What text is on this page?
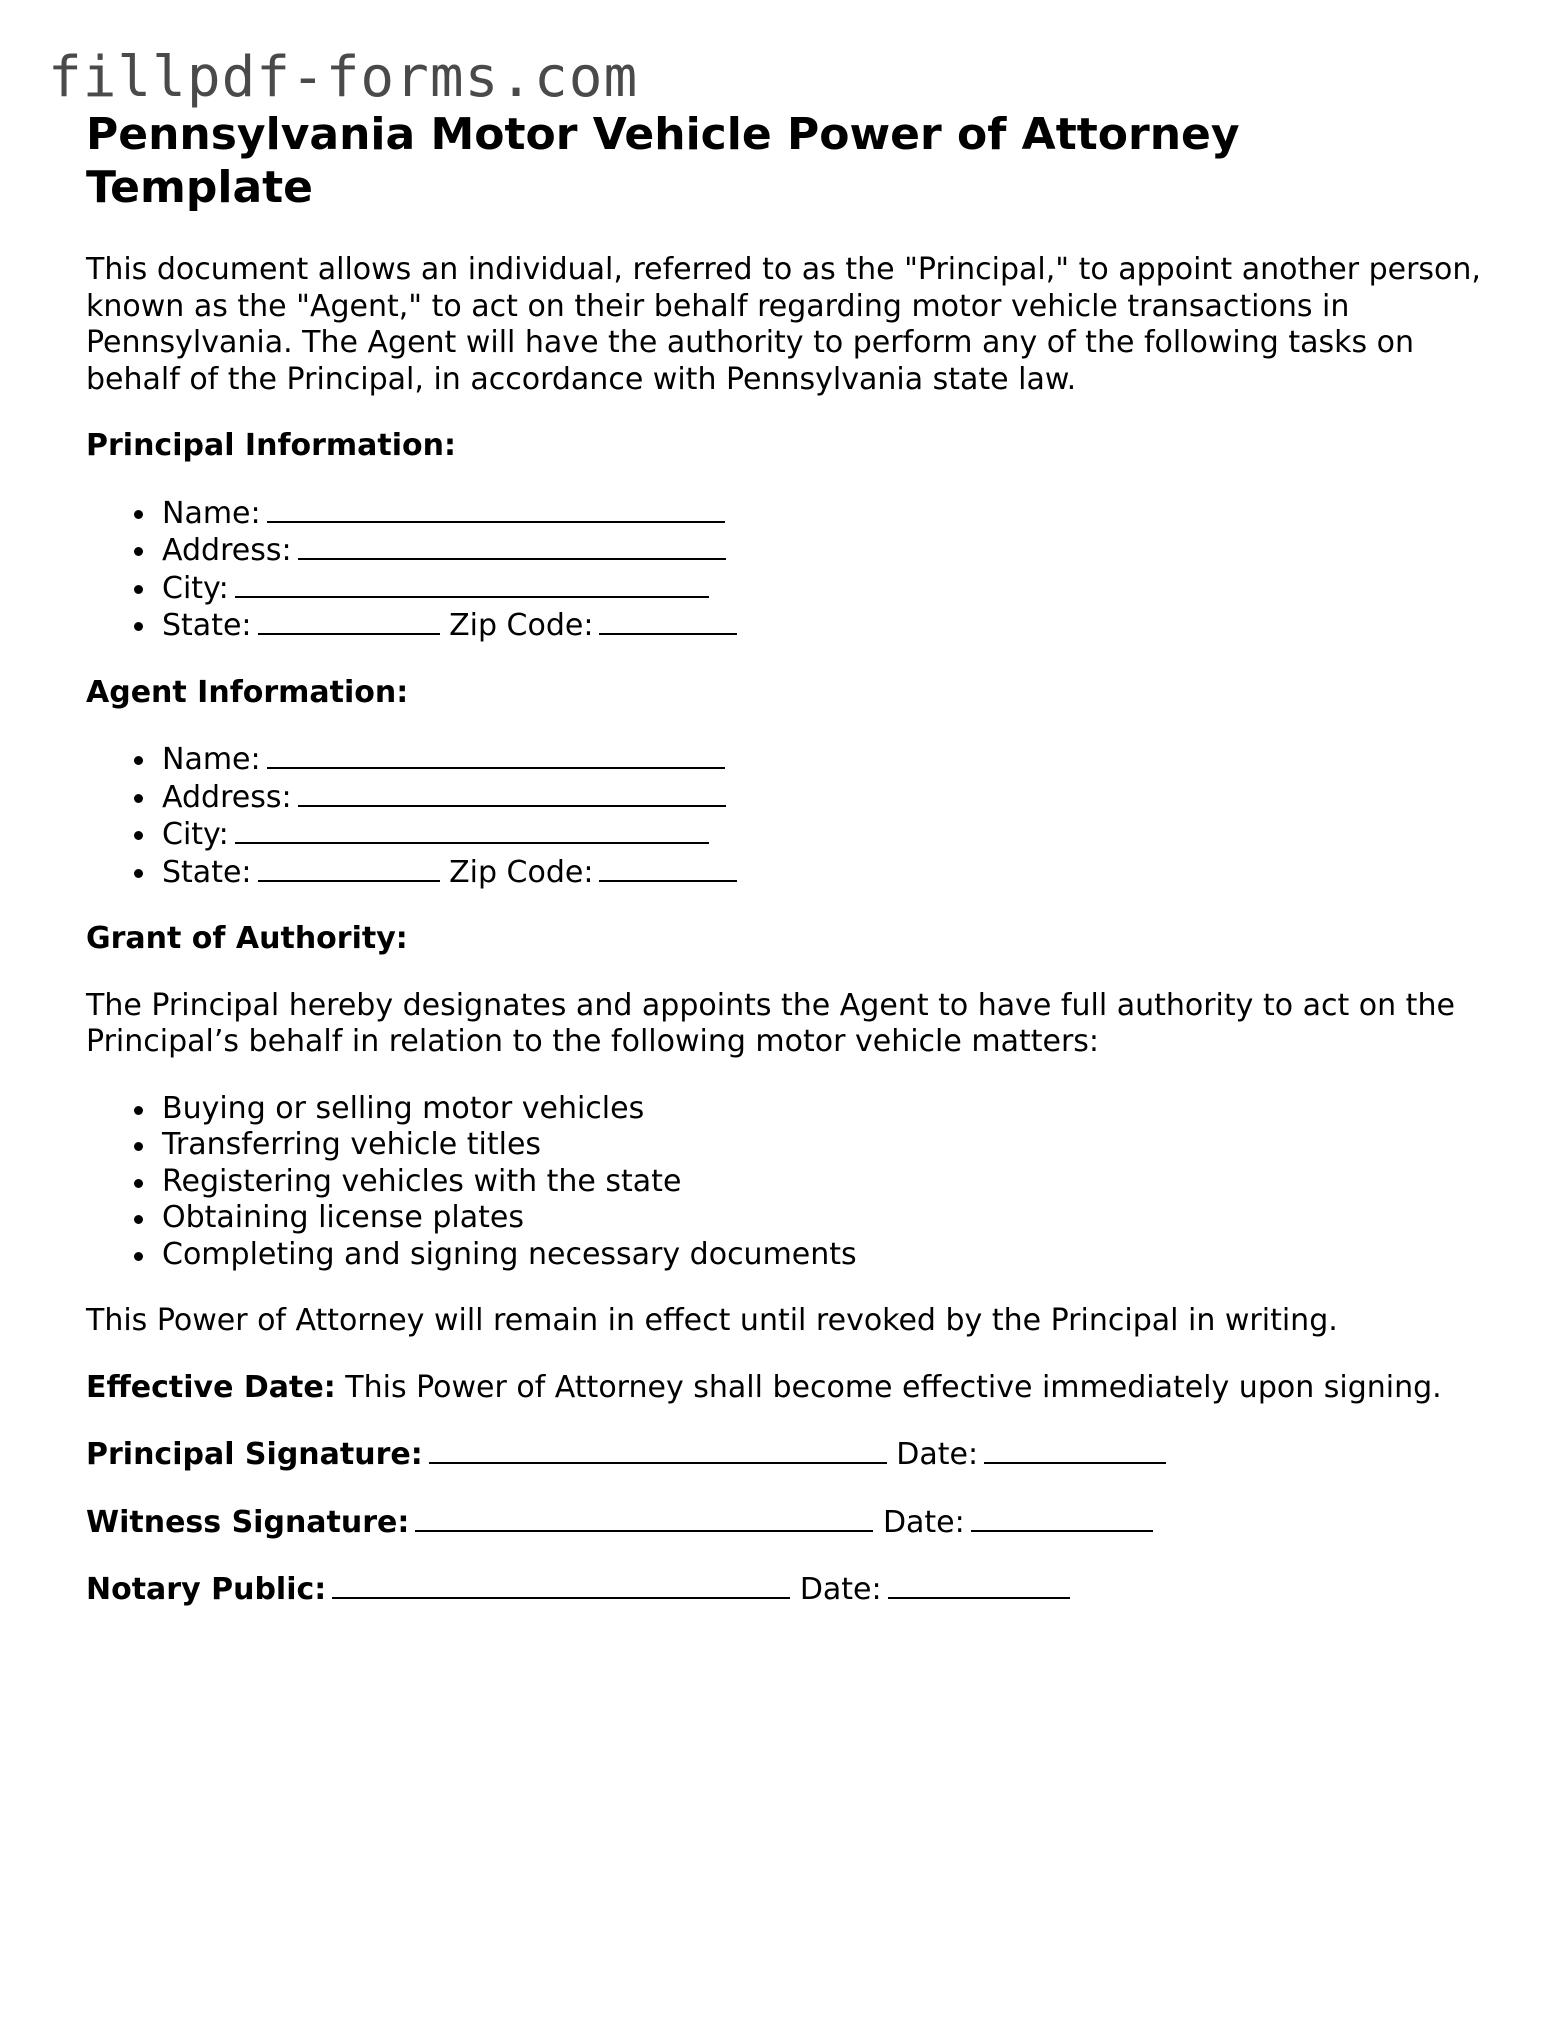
fillpdf-forms.com
Pennsylvania Motor Vehicle Power of Attorney Template

This document allows an individual, referred to as the "Principal," to appoint another person, known as the "Agent," to act on their behalf regarding motor vehicle transactions in Pennsylvania. The Agent will have the authority to perform any of the following tasks on behalf of the Principal, in accordance with Pennsylvania state law.

Principal Information:

Name:
Address:
City:
State:	Zip Code:

Agent Information:

Name:
Address:
City:
State:	Zip Code:

Grant of Authority:

The Principal hereby designates and appoints the Agent to have full authority to act on the Principal’s behalf in relation to the following motor vehicle matters:

Buying or selling motor vehicles
Transferring vehicle titles
Registering vehicles with the state
Obtaining license plates
Completing and signing necessary documents

This Power of Attorney will remain in effect until revoked by the Principal in writing.

Effective Date: This Power of Attorney shall become effective immediately upon signing.

Principal Signature:	Date:

Witness Signature:	Date:

Notary Public:	Date:
